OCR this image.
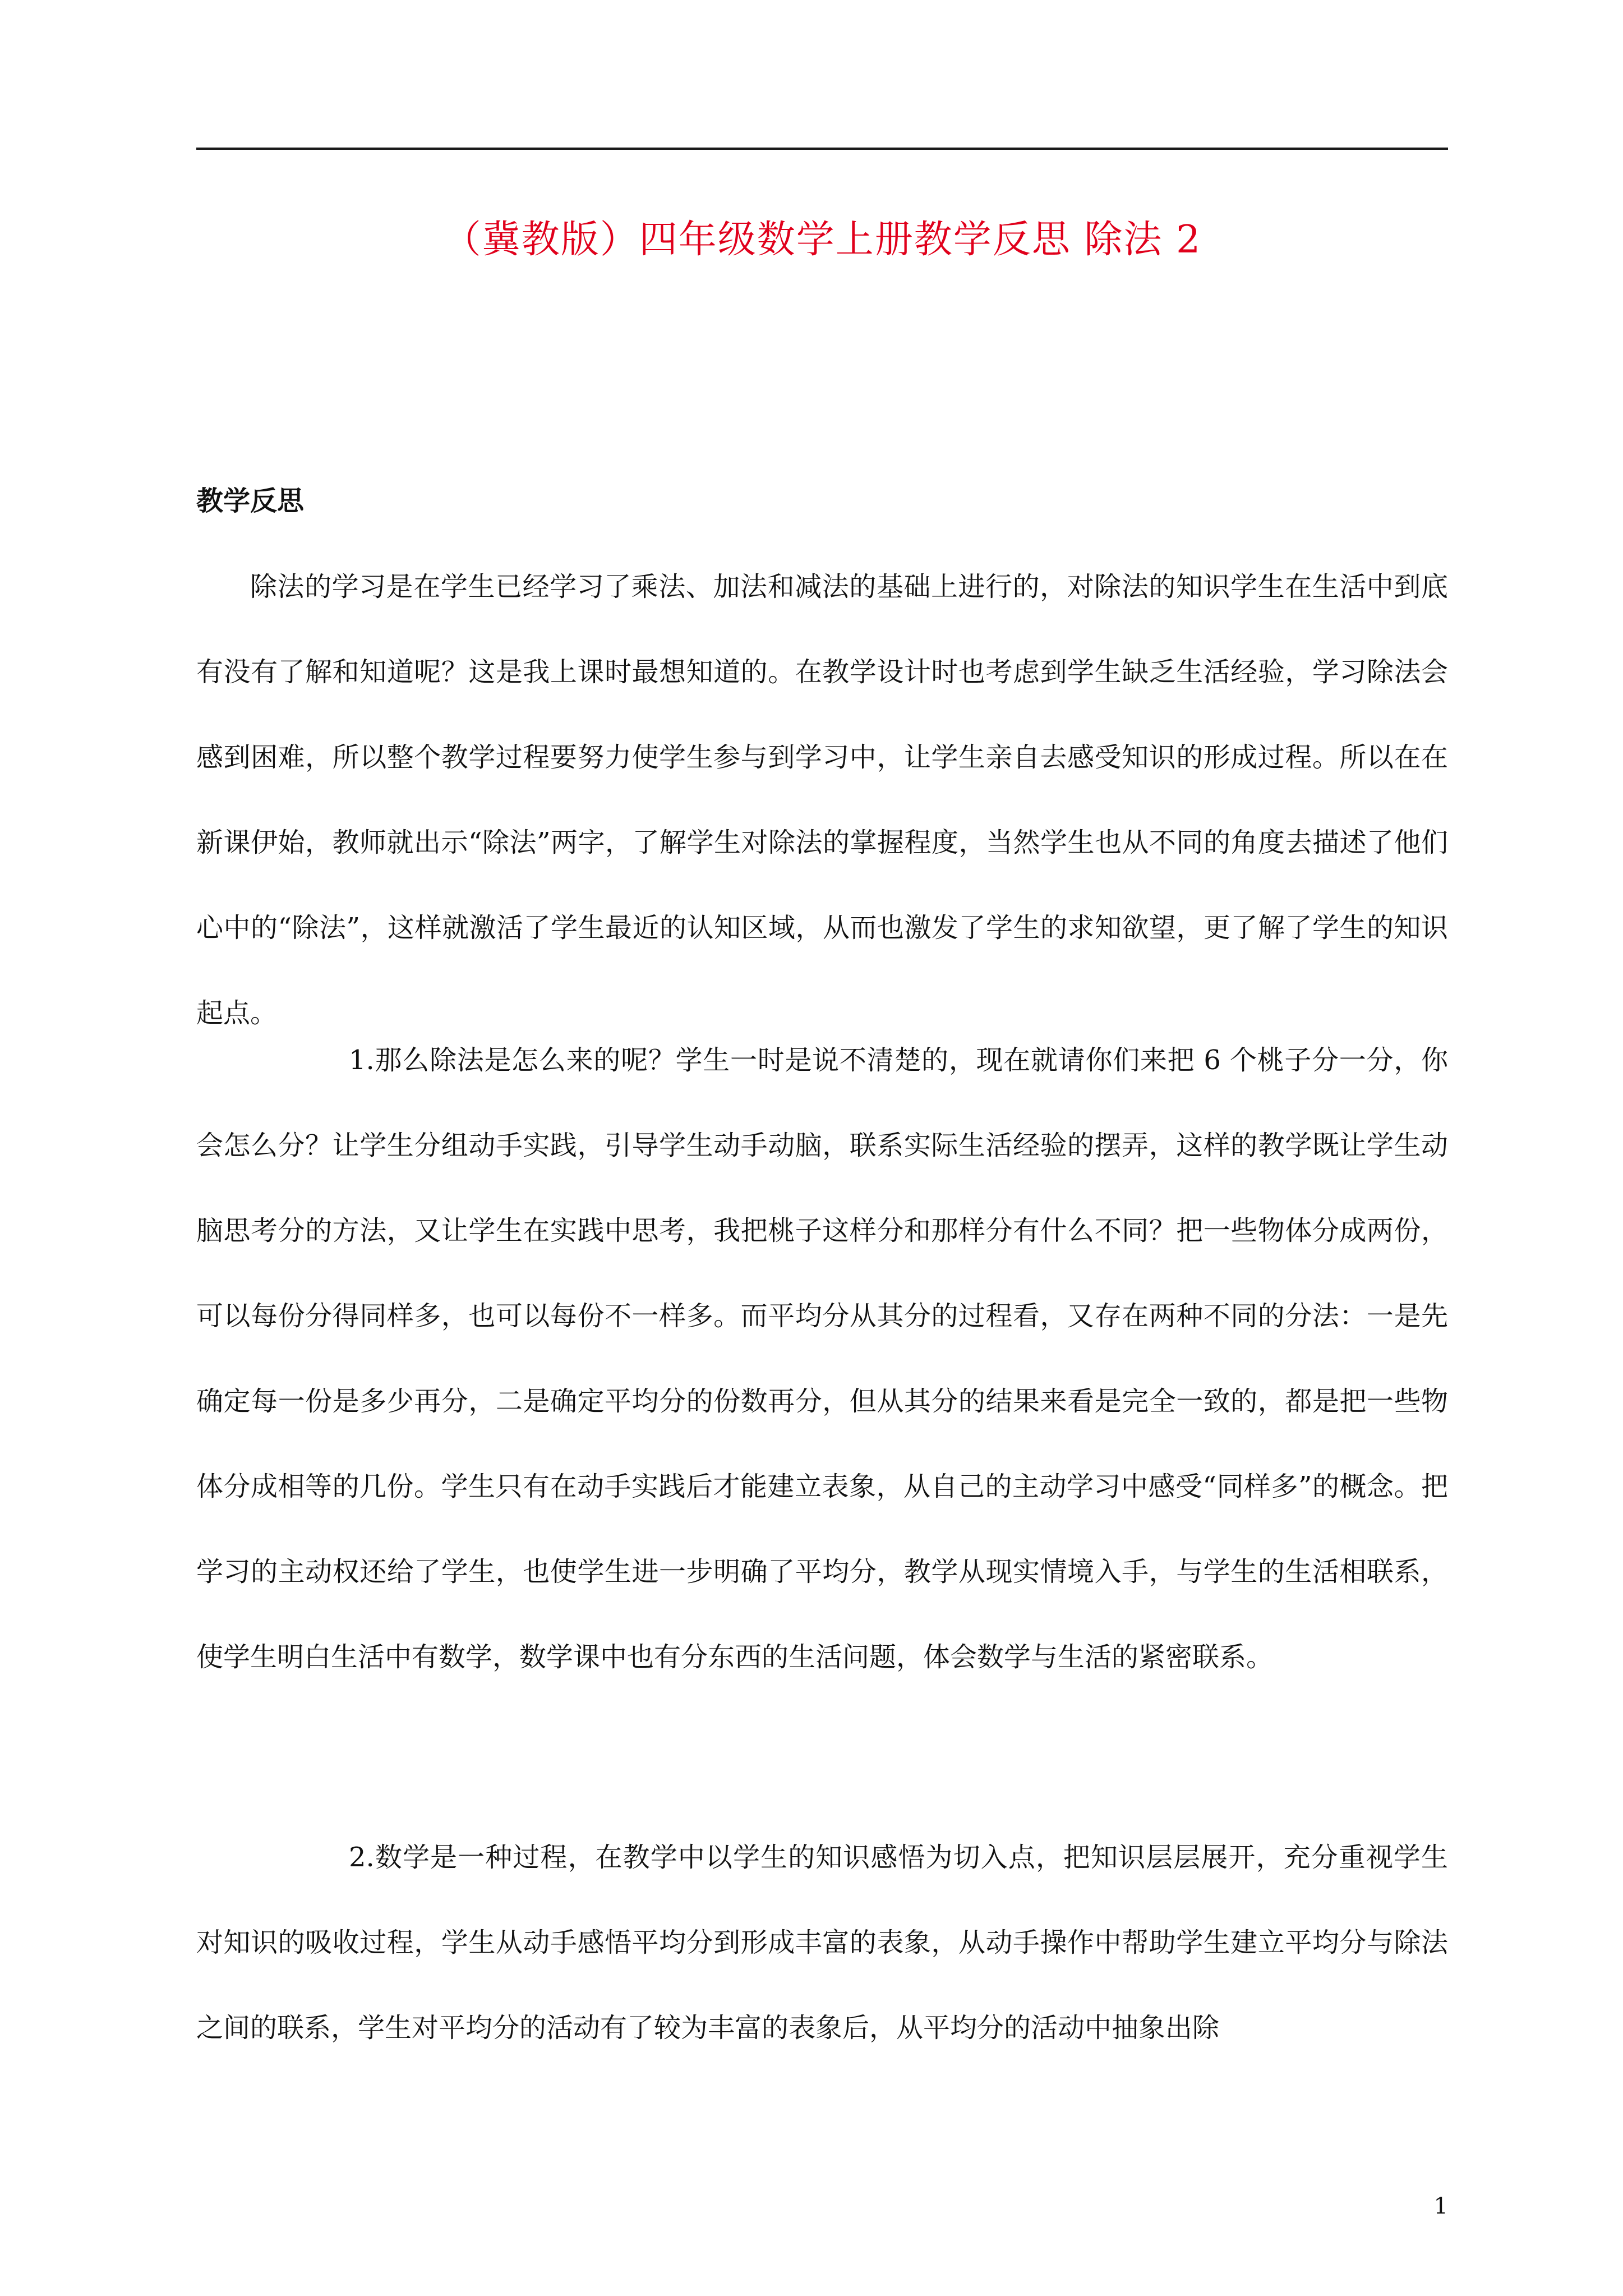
（冀教版）四年级数学上册教学反思 除法 2
教学反思

除法的学习是在学生已经学习了乘法、加法和减法的基础上进行的，对除法的知识学生在生活中到底有没有了解和知道呢？这是我上课时最想知道的。在教学设计时也考虑到学生缺乏生活经验，学习除法会感到困难，所以整个教学过程要努力使学生参与到学习中，让学生亲自去感受知识的形成过程。所以在在新课伊始，教师就出示“除法”两字，了解学生对除法的掌握程度，当然学生也从不同的角度去描述了他们心中的“除法”，这样就激活了学生最近的认知区域，从而也激发了学生的求知欲望，更了解了学生的知识起点。

1.那么除法是怎么来的呢？学生一时是说不清楚的，现在就请你们来把 6 个桃子分一分，你会怎么分？让学生分组动手实践，引导学生动手动脑，联系实际生活经验的摆弄，这样的教学既让学生动脑思考分的方法，又让学生在实践中思考，我把桃子这样分和那样分有什么不同？把一些物体分成两份，可以每份分得同样多，也可以每份不一样多。而平均分从其分的过程看，又存在两种不同的分法：一是先确定每一份是多少再分，二是确定平均分的份数再分，但从其分的结果来看是完全一致的，都是把一些物体分成相等的几份。学生只有在动手实践后才能建立表象，从自己的主动学习中感受“同样多”的概念。把学习的主动权还给了学生，也使学生进一步明确了平均分，教学从现实情境入手，与学生的生活相联系，使学生明白生活中有数学，数学课中也有分东西的生活问题，体会数学与生活的紧密联系。

2.数学是一种过程，在教学中以学生的知识感悟为切入点，把知识层层展开，充分重视学生对知识的吸收过程，学生从动手感悟平均分到形成丰富的表象，从动手操作中帮助学生建立平均分与除法之间的联系，学生对平均分的活动有了较为丰富的表象后，从平均分的活动中抽象出除

1
